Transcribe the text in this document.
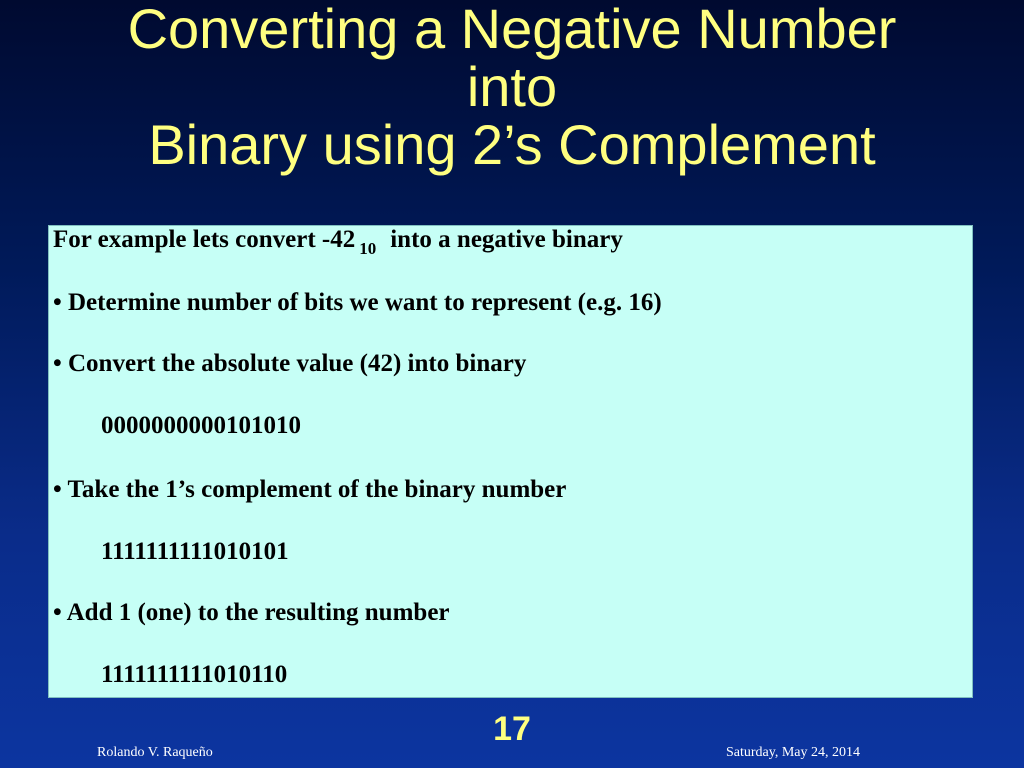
Converting a Negative Number
into
Binary using 2’s Complement
For example lets convert -42 $_{10}$ into a negative binary
• Determine number of bits we want to represent (e.g. 16)
• Convert the absolute value (42) into binary
0000000000101010
• Take the 1’s complement of the binary number
1111111111010101
• Add 1 (one) to the resulting number
1111111111010110
17
Rolando V. Raqueño	Saturday, May 24, 2014
